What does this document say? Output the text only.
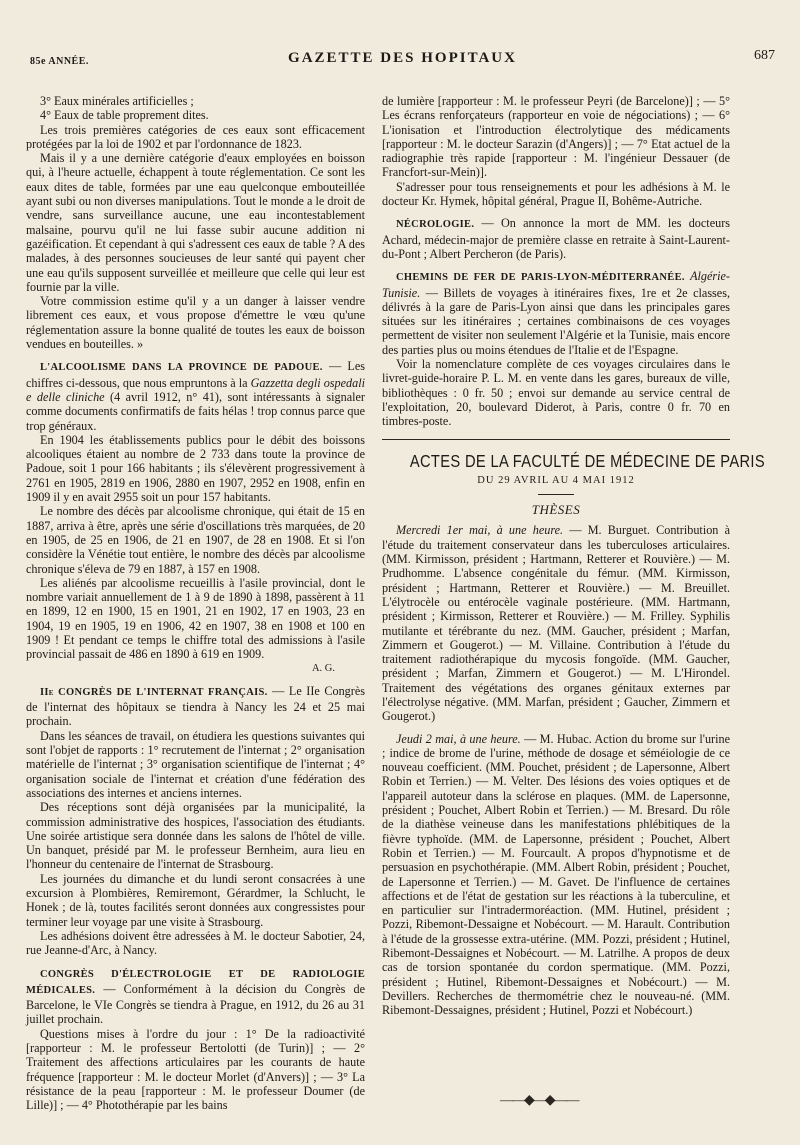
85e ANNÉE.	GAZETTE DES HOPITAUX	687

3° Eaux minérales artificielles ;

4° Eaux de table proprement dites.

Les trois premières catégories de ces eaux sont efficacement protégées par la loi de 1902 et par l'ordonnance de 1823.

Mais il y a une dernière catégorie d'eaux employées en boisson qui, à l'heure actuelle, échappent à toute réglementation. Ce sont les eaux dites de table, formées par une eau quelconque embouteillée ayant subi ou non diverses manipulations. Tout le monde a le droit de vendre, sans surveillance aucune, une eau incontestablement malsaine, pourvu qu'il ne lui fasse subir aucune addition ni gazéification. Et cependant à qui s'adressent ces eaux de table ? A des malades, à des personnes soucieuses de leur santé qui payent cher une eau qu'ils supposent surveillée et meilleure que celle qui leur est fournie par la ville.

Votre commission estime qu'il y a un danger à laisser vendre librement ces eaux, et vous propose d'émettre le vœu qu'une réglementation assure la bonne qualité de toutes les eaux de boisson vendues en bouteilles. »

L'ALCOOLISME DANS LA PROVINCE DE PADOUE. — Les chiffres ci-dessous, que nous empruntons à la Gazzetta degli ospedali e delle cliniche (4 avril 1912, n° 41), sont intéressants à signaler comme documents confirmatifs de faits hélas ! trop connus parce que trop généraux.

En 1904 les établissements publics pour le débit des boissons alcooliques étaient au nombre de 2 733 dans toute la province de Padoue, soit 1 pour 166 habitants ; ils s'élevèrent progressivement à 2761 en 1905, 2819 en 1906, 2880 en 1907, 2952 en 1908, enfin en 1909 il y en avait 2955 soit un pour 157 habitants.

Le nombre des décès par alcoolisme chronique, qui était de 15 en 1887, arriva à être, après une série d'oscillations très marquées, de 20 en 1905, de 25 en 1906, de 21 en 1907, de 28 en 1908. Et si l'on considère la Vénétie tout entière, le nombre des décès par alcoolisme chronique s'éleva de 79 en 1887, à 157 en 1908.

Les aliénés par alcoolisme recueillis à l'asile provincial, dont le nombre variait annuellement de 1 à 9 de 1890 à 1898, passèrent à 11 en 1899, 12 en 1900, 15 en 1901, 21 en 1902, 17 en 1903, 23 en 1904, 19 en 1905, 19 en 1906, 42 en 1907, 38 en 1908 et 100 en 1909 ! Et pendant ce temps le chiffre total des admissions à l'asile provincial passait de 486 en 1890 à 619 en 1909.

A. G.

IIe CONGRÈS DE L'INTERNAT FRANÇAIS. — Le IIe Congrès de l'internat des hôpitaux se tiendra à Nancy les 24 et 25 mai prochain.

Dans les séances de travail, on étudiera les questions suivantes qui sont l'objet de rapports : 1° recrutement de l'internat ; 2° organisation matérielle de l'internat ; 3° organisation scientifique de l'internat ; 4° organisation sociale de l'internat et création d'une fédération des associations des internes et anciens internes.

Des réceptions sont déjà organisées par la municipalité, la commission administrative des hospices, l'association des étudiants. Une soirée artistique sera donnée dans les salons de l'hôtel de ville. Un banquet, présidé par M. le professeur Bernheim, aura lieu en l'honneur du centenaire de l'internat de Strasbourg.

Les journées du dimanche et du lundi seront consacrées à une excursion à Plombières, Remiremont, Gérardmer, la Schlucht, le Honek ; de là, toutes facilités seront données aux congressistes pour terminer leur voyage par une visite à Strasbourg.

Les adhésions doivent être adressées à M. le docteur Sabotier, 24, rue Jeanne-d'Arc, à Nancy.

CONGRÈS D'ÉLECTROLOGIE ET DE RADIOLOGIE MÉDICALES. — Conformément à la décision du Congrès de Barcelone, le VIe Congrès se tiendra à Prague, en 1912, du 26 au 31 juillet prochain.

Questions mises à l'ordre du jour : 1° De la radioactivité [rapporteur : M. le professeur Bertolotti (de Turin)] ; — 2° Traitement des affections articulaires par les courants de haute fréquence [rapporteur : M. le docteur Morlet (d'Anvers)] ; — 3° La résistance de la peau [rapporteur : M. le professeur Doumer (de Lille)] ; — 4° Photothérapie par les bains

de lumière [rapporteur : M. le professeur Peyri (de Barcelone)] ; — 5° Les écrans renforçateurs (rapporteur en voie de négociations) ; — 6° L'ionisation et l'introduction électrolytique des médicaments [rapporteur : M. le docteur Sarazin (d'Angers)] ; — 7° Etat actuel de la radiographie très rapide [rapporteur : M. l'ingénieur Dessauer (de Francfort-sur-Mein)].

S'adresser pour tous renseignements et pour les adhésions à M. le docteur Kr. Hymek, hôpital général, Prague II, Bohême-Autriche.

NÉCROLOGIE. — On annonce la mort de MM. les docteurs Achard, médecin-major de première classe en retraite à Saint-Laurent-du-Pont ; Albert Percheron (de Paris).

CHEMINS DE FER DE PARIS-LYON-MÉDITERRANÉE. Algérie-Tunisie. — Billets de voyages à itinéraires fixes, 1re et 2e classes, délivrés à la gare de Paris-Lyon ainsi que dans les principales gares situées sur les itinéraires ; certaines combinaisons de ces voyages permettent de visiter non seulement l'Algérie et la Tunisie, mais encore des parties plus ou moins étendues de l'Italie et de l'Espagne.

Voir la nomenclature complète de ces voyages circulaires dans le livret-guide-horaire P. L. M. en vente dans les gares, bureaux de ville, bibliothèques : 0 fr. 50 ; envoi sur demande au service central de l'exploitation, 20, boulevard Diderot, à Paris, contre 0 fr. 70 en timbres-poste.

ACTES DE LA FACULTÉ DE MÉDECINE DE PARIS
DU 29 AVRIL AU 4 MAI 1912
THÈSES

Mercredi 1er mai, à une heure. — M. Burguet. Contribution à l'étude du traitement conservateur dans les tuberculoses articulaires. (MM. Kirmisson, président ; Hartmann, Retterer et Rouvière.) — M. Prudhomme. L'absence congénitale du fémur. (MM. Kirmisson, président ; Hartmann, Retterer et Rouvière.) — M. Breuillet. L'élytrocèle ou entérocèle vaginale postérieure. (MM. Hartmann, président ; Kirmisson, Retterer et Rouvière.) — M. Frilley. Syphilis mutilante et térébrante du nez. (MM. Gaucher, président ; Marfan, Zimmern et Gougerot.) — M. Villaine. Contribution à l'étude du traitement radiothérapique du mycosis fongoïde. (MM. Gaucher, président ; Marfan, Zimmern et Gougerot.) — M. L'Hirondel. Traitement des végétations des organes génitaux externes par l'électrolyse négative. (MM. Marfan, président ; Gaucher, Zimmern et Gougerot.)

Jeudi 2 mai, à une heure. — M. Hubac. Action du brome sur l'urine ; indice de brome de l'urine, méthode de dosage et séméiologie de ce nouveau coefficient. (MM. Pouchet, président ; de Lapersonne, Albert Robin et Terrien.) — M. Velter. Des lésions des voies optiques et de l'appareil autoteur dans la sclérose en plaques. (MM. de Lapersonne, président ; Pouchet, Albert Robin et Terrien.) — M. Bresard. Du rôle de la diathèse veineuse dans les manifestations phlébitiques de la fièvre typhoïde. (MM. de Lapersonne, président ; Pouchet, Albert Robin et Terrien.) — M. Fourcault. A propos d'hypnotisme et de persuasion en psychothérapie. (MM. Albert Robin, président ; Pouchet, de Lapersonne et Terrien.) — M. Gavet. De l'influence de certaines affections et de l'état de gestation sur les réactions à la tuberculine, et en particulier sur l'intradermoréaction. (MM. Hutinel, président ; Pozzi, Ribemont-Dessaigne et Nobécourt. — M. Harault. Contribution à l'étude de la grossesse extra-utérine. (MM. Pozzi, président ; Hutinel, Ribemont-Dessaignes et Nobécourt. — M. Latrilhe. A propos de deux cas de torsion spontanée du cordon spermatique. (MM. Pozzi, président ; Hutinel, Ribemont-Dessaignes et Nobécourt.) — M. Devillers. Recherches de thermométrie chez le nouveau-né. (MM. Ribemont-Dessaignes, président ; Hutinel, Pozzi et Nobécourt.)

——◆—◆——
